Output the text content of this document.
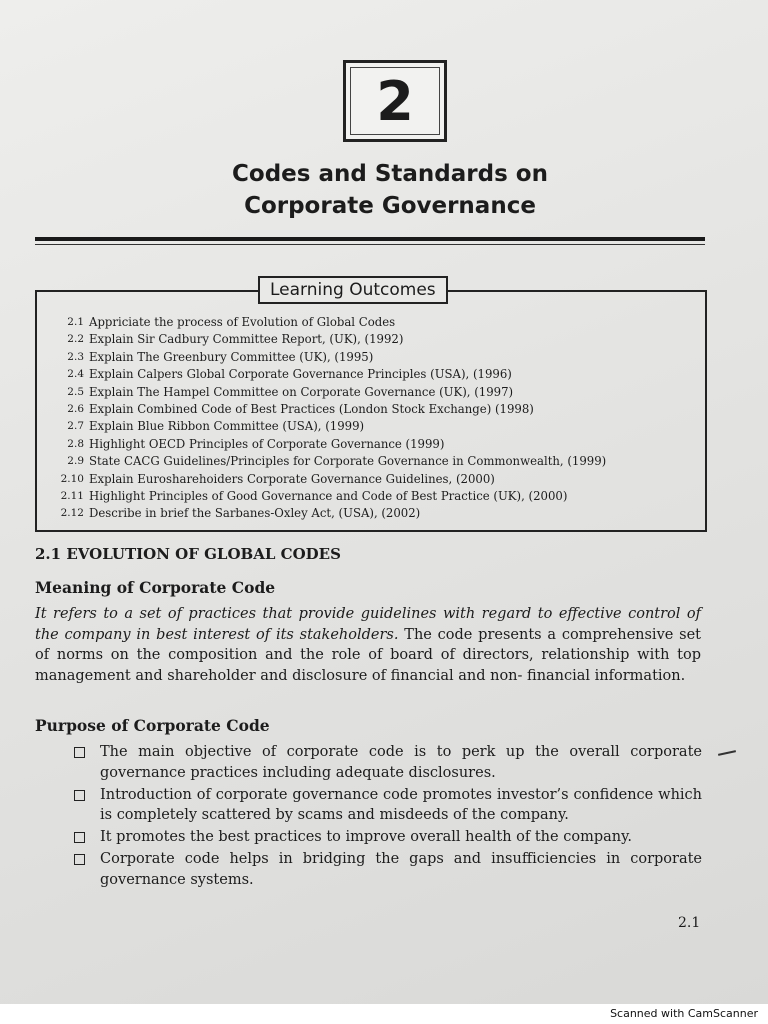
2
Codes and Standards on
Corporate Governance
Learning Outcomes
2.1 Appriciate the process of Evolution of Global Codes
2.2 Explain Sir Cadbury Committee Report, (UK), (1992)
2.3 Explain The Greenbury Committee (UK), (1995)
2.4 Explain Calpers Global Corporate Governance Principles (USA), (1996)
2.5 Explain The Hampel Committee on Corporate Governance (UK), (1997)
2.6 Explain Combined Code of Best Practices (London Stock Exchange) (1998)
2.7 Explain Blue Ribbon Committee (USA), (1999)
2.8 Highlight OECD Principles of Corporate Governance (1999)
2.9 State CACG Guidelines/Principles for Corporate Governance in Commonwealth, (1999)
2.10 Explain Eurosharehoiders Corporate Governance Guidelines, (2000)
2.11 Highlight Principles of Good Governance and Code of Best Practice (UK), (2000)
2.12 Describe in brief the Sarbanes-Oxley Act, (USA), (2002)
2.1 EVOLUTION OF GLOBAL CODES
Meaning of Corporate Code
It refers to a set of practices that provide guidelines with regard to effective control of the company in best interest of its stakeholders. The code presents a comprehensive set of norms on the composition and the role of board of directors, relationship with top management and shareholder and disclosure of financial and non- financial information.
Purpose of Corporate Code
The main objective of corporate code is to perk up the overall corporate governance practices including adequate disclosures.
Introduction of corporate governance code promotes investor’s confidence which is completely scattered by scams and misdeeds of the company.
It promotes the best practices to improve overall health of the company.
Corporate code helps in bridging the gaps and insufficiencies in corporate governance systems.
2.1
Scanned with CamScanner
